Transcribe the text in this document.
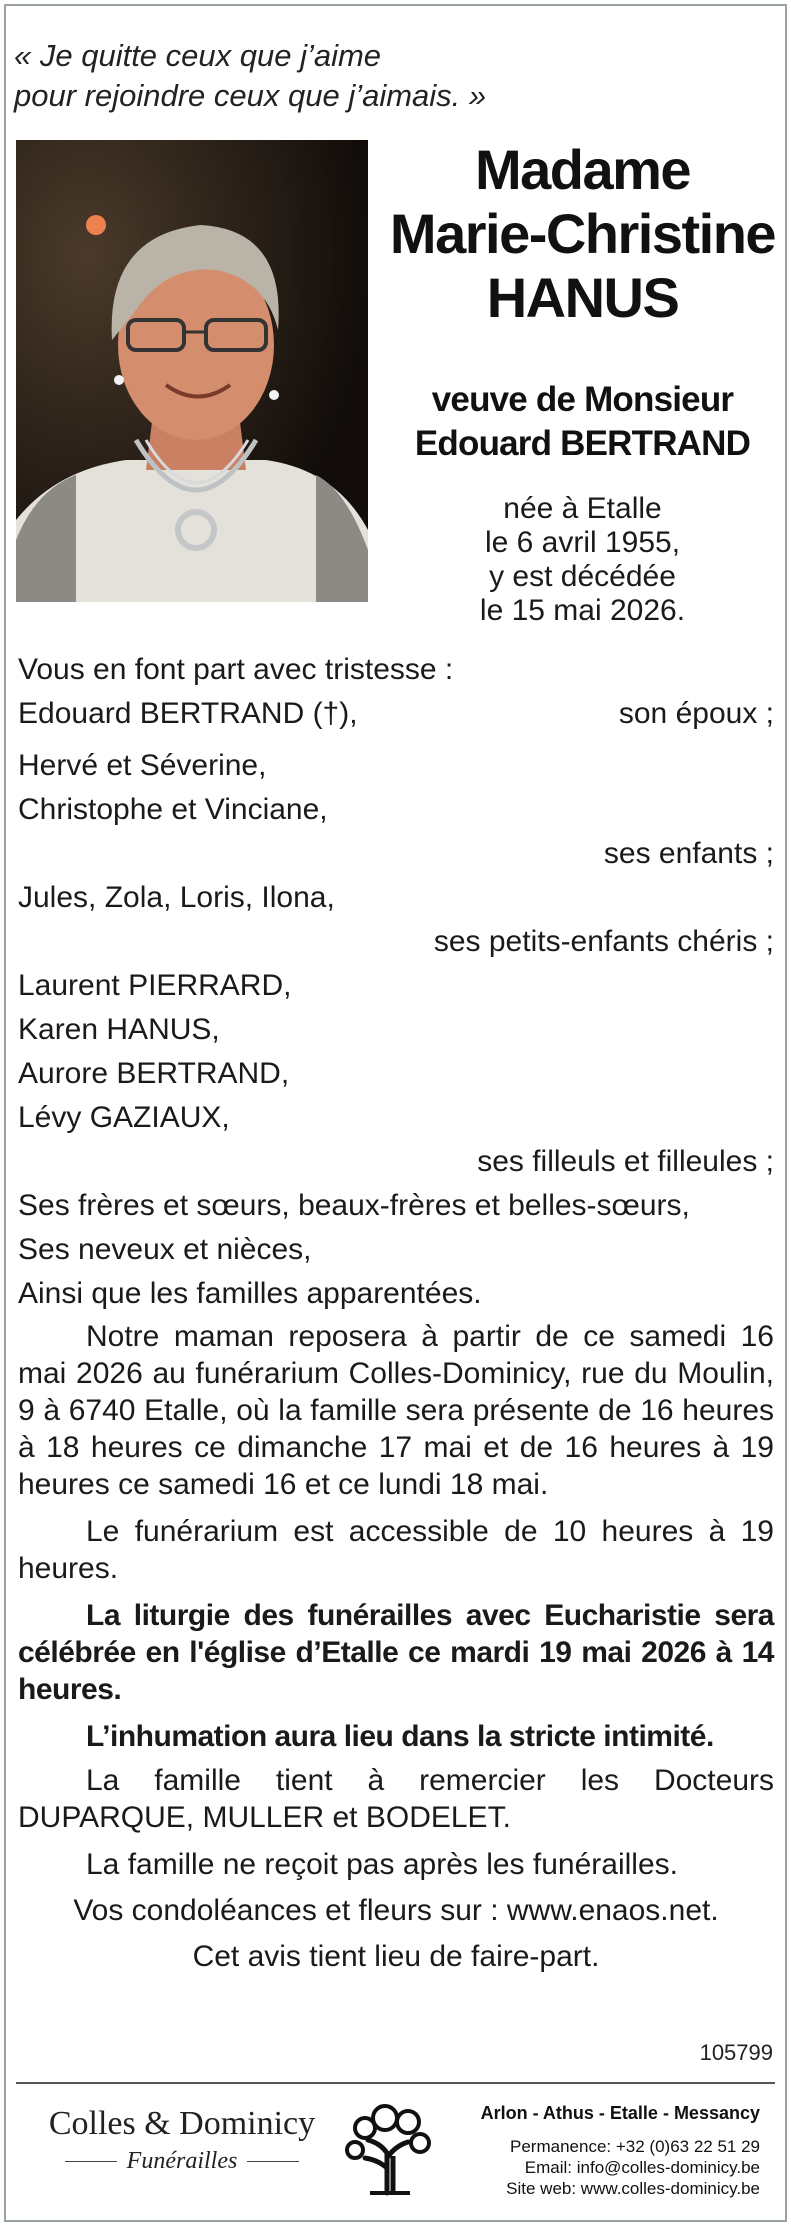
« Je quitte ceux que j’aime
pour rejoindre ceux que j’aimais. »
Madame
Marie-Christine
HANUS
veuve de Monsieur
Edouard BERTRAND
née à Etalle
le 6 avril 1955,
y est décédée
le 15 mai 2026.
Vous en font part avec tristesse :
Edouard BERTRAND (†),	son époux ;
Hervé et Séverine,
Christophe et Vinciane,
ses enfants ;
Jules, Zola, Loris, Ilona,
ses petits-enfants chéris ;
Laurent PIERRARD,
Karen HANUS,
Aurore BERTRAND,
Lévy GAZIAUX,
ses filleuls et filleules ;
Ses frères et sœurs, beaux-frères et belles-sœurs,
Ses neveux et nièces,
Ainsi que les familles apparentées.
Notre maman reposera à partir de ce samedi 16 mai 2026 au funérarium Colles-Dominicy, rue du Moulin, 9 à 6740 Etalle, où la famille sera présente de 16 heures à 18 heures ce dimanche 17 mai et de 16 heures à 19 heures ce samedi 16 et ce lundi 18 mai.
Le funérarium est accessible de 10 heures à 19 heures.
La liturgie des funérailles avec Eucharistie sera célébrée en l'église d’Etalle ce mardi 19 mai 2026 à 14 heures.
L’inhumation aura lieu dans la stricte intimité.
La famille tient à remercier les Docteurs DUPARQUE, MULLER et BODELET.
La famille ne reçoit pas après les funérailles.
Vos condoléances et fleurs sur : www.enaos.net.
Cet avis tient lieu de faire-part.
105799
Colles & Dominicy
Funérailles
Arlon - Athus - Etalle - Messancy
Permanence: +32 (0)63 22 51 29
Email: info@colles-dominicy.be
Site web: www.colles-dominicy.be
